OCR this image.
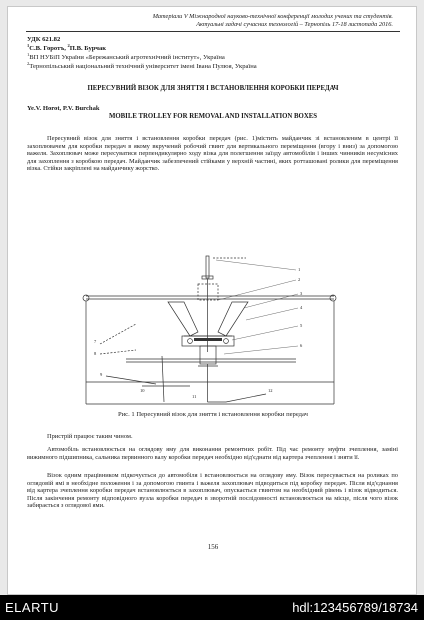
Матеріали V Міжнародної науково-технічної конференції молодих учених та студентів.
Актуальні задачі сучасних технологій – Тернопіль 17-18 листопада 2016.
УДК 621.82
$^1$С.В. Горотъ, $^2$П.В. Бурчак
$^1$ВП НУБіП України «Бережанський агротехнічний інститут», Україна
$^2$Тернопільський національний технічний університет імені Івана Пулюя, Україна
ПЕРЕСУВНИЙ ВІЗОК ДЛЯ ЗНЯТТЯ І ВСТАНОВЛЕННЯ КОРОБКИ ПЕРЕДАЧ
Ye.V. Horot, P.V. Burchak
MOBILE TROLLEY FOR REMOVAL AND INSTALLATION BOXES

Пересувний візок для зняття і встановлення коробки передач (рис. 1)містить майданчик зі встановленим в центрі її захоплювачем для коробки передач в якому вкручений робочий гвинт для вертикального переміщення (вгору і вниз) за допомогою важеля. Захоплювач може пересуватися перпендикулярно ходу візка для полегшення заїзду автомобілів і інших чинників несумісних для захоплення з коробкою передач. Майданчик забезпечений стійками у верхній частині, яких ротташовані ролики для переміщення візка. Стійки закріплені на майданчику жорстко.

1
2
3
4
5
6
7
8
9
10
11
12
Рис. 1 Пересувний візок для зняття і встановлення коробки передач

Пристрій працює таким чином.

Автомобіль встановлюється на оглядову яму для виконання ремонтних робіт. Під час ремонту муфти зчеплення, заміні вижимного підшипника, сальника первинного валу коробки передач необхідно від'єднати від картера зчеплення і зняти її.

Візок одним працівником підкочується до автомобіля і встановлюється на оглядову яму. Візок пересувається на роликах по оглядовій ямі в необхідне положення і за допомогою гвинта і важеля захоплювач підводиться під коробку передач. Після від'єднання від картера зчеплення коробки передач встановлюється в захоплювач, опускається гвинтом на необхідний рівень і візок відводиться. Після закінчення ремонту відповідного вузла коробки передач в зворотній послідовності встановлюється на місце, після чого візок забирається з оглядової ями.

156
ELARTU	hdl:123456789/18734
